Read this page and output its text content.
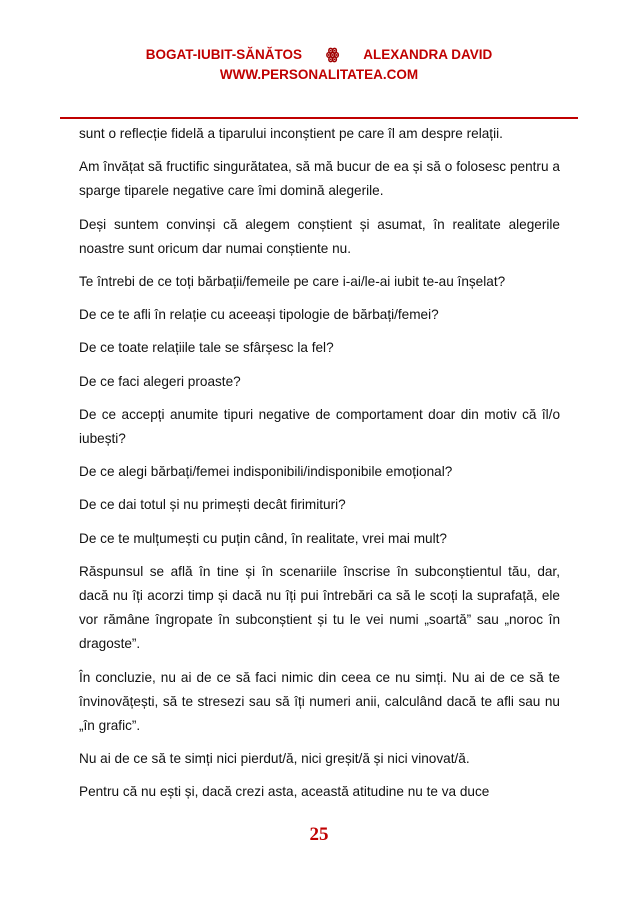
BOGAT-IUBIT-SĂNĂTOS ꙮ ALEXANDRA DAVID
WWW.PERSONALITATEA.COM

sunt o reflecție fidelă a tiparului inconștient pe care îl am despre relații.

Am învățat să fructific singurătatea, să mă bucur de ea și să o folosesc pentru a sparge tiparele negative care îmi domină alegerile.

Deși suntem convinși că alegem conștient și asumat, în realitate alegerile noastre sunt oricum dar numai conștiente nu.

Te întrebi de ce toți bărbații/femeile pe care i-ai/le-ai iubit te-au înșelat?

De ce te afli în relație cu aceeași tipologie de bărbați/femei?

De ce toate relațiile tale se sfârșesc la fel?

De ce faci alegeri proaste?

De ce accepți anumite tipuri negative de comportament doar din motiv că îl/o iubești?

De ce alegi bărbați/femei indisponibili/indisponibile emoțional?

De ce dai totul și nu primești decât firimituri?

De ce te mulțumești cu puțin când, în realitate, vrei mai mult?

Răspunsul se află în tine și în scenariile înscrise în subconștientul tău, dar, dacă nu îți acorzi timp și dacă nu îți pui întrebări ca să le scoți la suprafață, ele vor rămâne îngropate în subconștient și tu le vei numi „soartă” sau „noroc în dragoste”.

În concluzie, nu ai de ce să faci nimic din ceea ce nu simți. Nu ai de ce să te învinovățești, să te stresezi sau să îți numeri anii, calculând dacă te afli sau nu „în grafic”.

Nu ai de ce să te simți nici pierdut/ă, nici greșit/ă și nici vinovat/ă.

Pentru că nu ești și, dacă crezi asta, această atitudine nu te va duce

25
